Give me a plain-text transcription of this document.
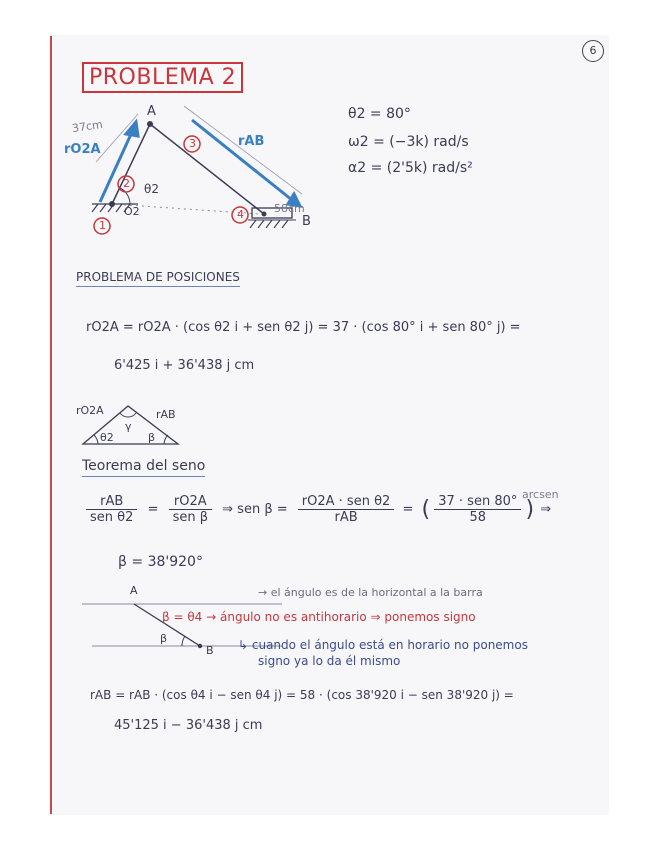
6
PROBLEMA 2
A
B
O2
θ2
37cm
58cm
rO2A
rAB
1
2
3
4
θ2 = 80°
ω2 = (−3k) rad/s
α2 = (2'5k) rad/s²
PROBLEMA DE POSICIONES
rO2A = rO2A · (cos θ2 i + sen θ2 j) = 37 · (cos 80° i + sen 80° j) =
6'425 i + 36'438 j cm
rO2A	rAB
γ
θ2	β
Teorema del seno
$\frac{\text{rAB}}{\text{sen θ2}} = \frac{rO2A}{\text{sen β}}$ ⇒ sen $\beta = \frac{\text{rO2A · sen θ2}}{\text{rAB}}$ = ( $\frac{\text{37 · sen 80°}}{58}$ ) ⇒
arcsen
β = 38'920°
A
B
β
→ el ángulo es de la horizontal a la barra
β = θ4 → ángulo no es antihorario ⇒ ponemos signo
↳ cuando el ángulo está en horario no ponemos
signo ya lo da él mismo
rAB = rAB · (cos θ4 i − sen θ4 j) = 58 · (cos 38'920 i − sen 38'920 j) =
45'125 i − 36'438 j cm
